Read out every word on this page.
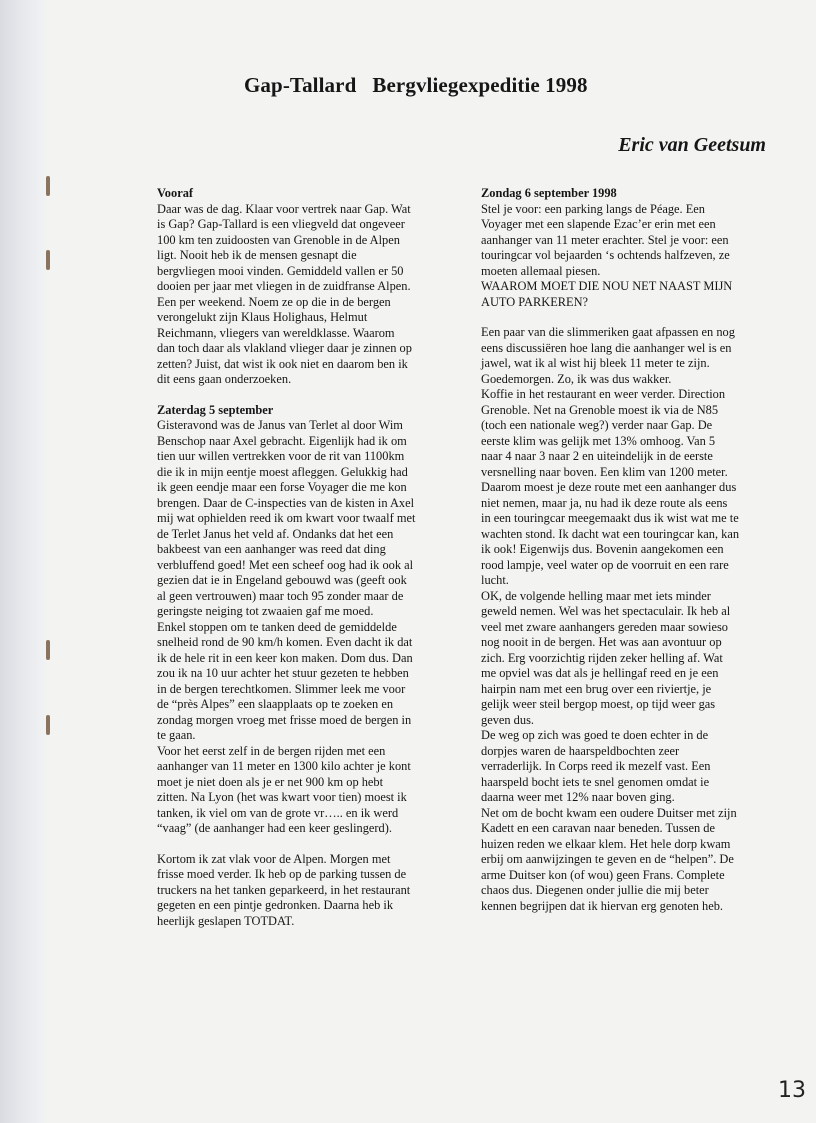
Gap-Tallard   Bergvliegexpeditie 1998
Eric van Geetsum
Vooraf
Daar was de dag. Klaar voor vertrek naar Gap. Wat
is Gap? Gap-Tallard is een vliegveld dat ongeveer
100 km ten zuidoosten van Grenoble in de Alpen
ligt. Nooit heb ik de mensen gesnapt die
bergvliegen mooi vinden. Gemiddeld vallen er 50
dooien per jaar met vliegen in de zuidfranse Alpen.
Een per weekend. Noem ze op die in de bergen
verongelukt zijn Klaus Holighaus, Helmut
Reichmann, vliegers van wereldklasse. Waarom
dan toch daar als vlakland vlieger daar je zinnen op
zetten? Juist, dat wist ik ook niet en daarom ben ik
dit eens gaan onderzoeken.
Zaterdag 5 september
Gisteravond was de Janus van Terlet al door Wim
Benschop naar Axel gebracht. Eigenlijk had ik om
tien uur willen vertrekken voor de rit van 1100km
die ik in mijn eentje moest afleggen. Gelukkig had
ik geen eendje maar een forse Voyager die me kon
brengen. Daar de C-inspecties van de kisten in Axel
mij wat ophielden reed ik om kwart voor twaalf met
de Terlet Janus het veld af. Ondanks dat het een
bakbeest van een aanhanger was reed dat ding
verbluffend goed! Met een scheef oog had ik ook al
gezien dat ie in Engeland gebouwd was (geeft ook
al geen vertrouwen) maar toch 95 zonder maar de
geringste neiging tot zwaaien gaf me moed.
Enkel stoppen om te tanken deed de gemiddelde
snelheid rond de 90 km/h komen. Even dacht ik dat
ik de hele rit in een keer kon maken. Dom dus. Dan
zou ik na 10 uur achter het stuur gezeten te hebben
in de bergen terechtkomen. Slimmer leek me voor
de “près Alpes” een slaapplaats op te zoeken en
zondag morgen vroeg met frisse moed de bergen in
te gaan.
Voor het eerst zelf in de bergen rijden met een
aanhanger van 11 meter en 1300 kilo achter je kont
moet je niet doen als je er net 900 km op hebt
zitten. Na Lyon (het was kwart voor tien) moest ik
tanken, ik viel om van de grote vr….. en ik werd
“vaag” (de aanhanger had een keer geslingerd).
Kortom ik zat vlak voor de Alpen. Morgen met
frisse moed verder. Ik heb op de parking tussen de
truckers na het tanken geparkeerd, in het restaurant
gegeten en een pintje gedronken. Daarna heb ik
heerlijk geslapen TOTDAT.
Zondag 6 september 1998
Stel je voor: een parking langs de Péage. Een
Voyager met een slapende Ezac’er erin met een
aanhanger van 11 meter erachter. Stel je voor: een
touringcar vol bejaarden ‘s ochtends halfzeven, ze
moeten allemaal piesen.
WAAROM MOET DIE NOU NET NAAST MIJN
AUTO PARKEREN?
Een paar van die slimmeriken gaat afpassen en nog
eens discussiëren hoe lang die aanhanger wel is en
jawel, wat ik al wist hij bleek 11 meter te zijn.
Goedemorgen. Zo, ik was dus wakker.
Koffie in het restaurant en weer verder. Direction
Grenoble. Net na Grenoble moest ik via de N85
(toch een nationale weg?) verder naar Gap. De
eerste klim was gelijk met 13% omhoog. Van 5
naar 4 naar 3 naar 2 en uiteindelijk in de eerste
versnelling naar boven. Een klim van 1200 meter.
Daarom moest je deze route met een aanhanger dus
niet nemen, maar ja, nu had ik deze route als eens
in een touringcar meegemaakt dus ik wist wat me te
wachten stond. Ik dacht wat een touringcar kan, kan
ik ook! Eigenwijs dus. Bovenin aangekomen een
rood lampje, veel water op de voorruit en een rare
lucht.
OK, de volgende helling maar met iets minder
geweld nemen. Wel was het spectaculair. Ik heb al
veel met zware aanhangers gereden maar sowieso
nog nooit in de bergen. Het was aan avontuur op
zich. Erg voorzichtig rijden zeker helling af. Wat
me opviel was dat als je hellingaf reed en je een
hairpin nam met een brug over een riviertje, je
gelijk weer steil bergop moest, op tijd weer gas
geven dus.
De weg op zich was goed te doen echter in de
dorpjes waren de haarspeldbochten zeer
verraderlijk. In Corps reed ik mezelf vast. Een
haarspeld bocht iets te snel genomen omdat ie
daarna weer met 12% naar boven ging.
Net om de bocht kwam een oudere Duitser met zijn
Kadett en een caravan naar beneden. Tussen de
huizen reden we elkaar klem. Het hele dorp kwam
erbij om aanwijzingen te geven en de “helpen”. De
arme Duitser kon (of wou) geen Frans. Complete
chaos dus. Diegenen onder jullie die mij beter
kennen begrijpen dat ik hiervan erg genoten heb.
13
